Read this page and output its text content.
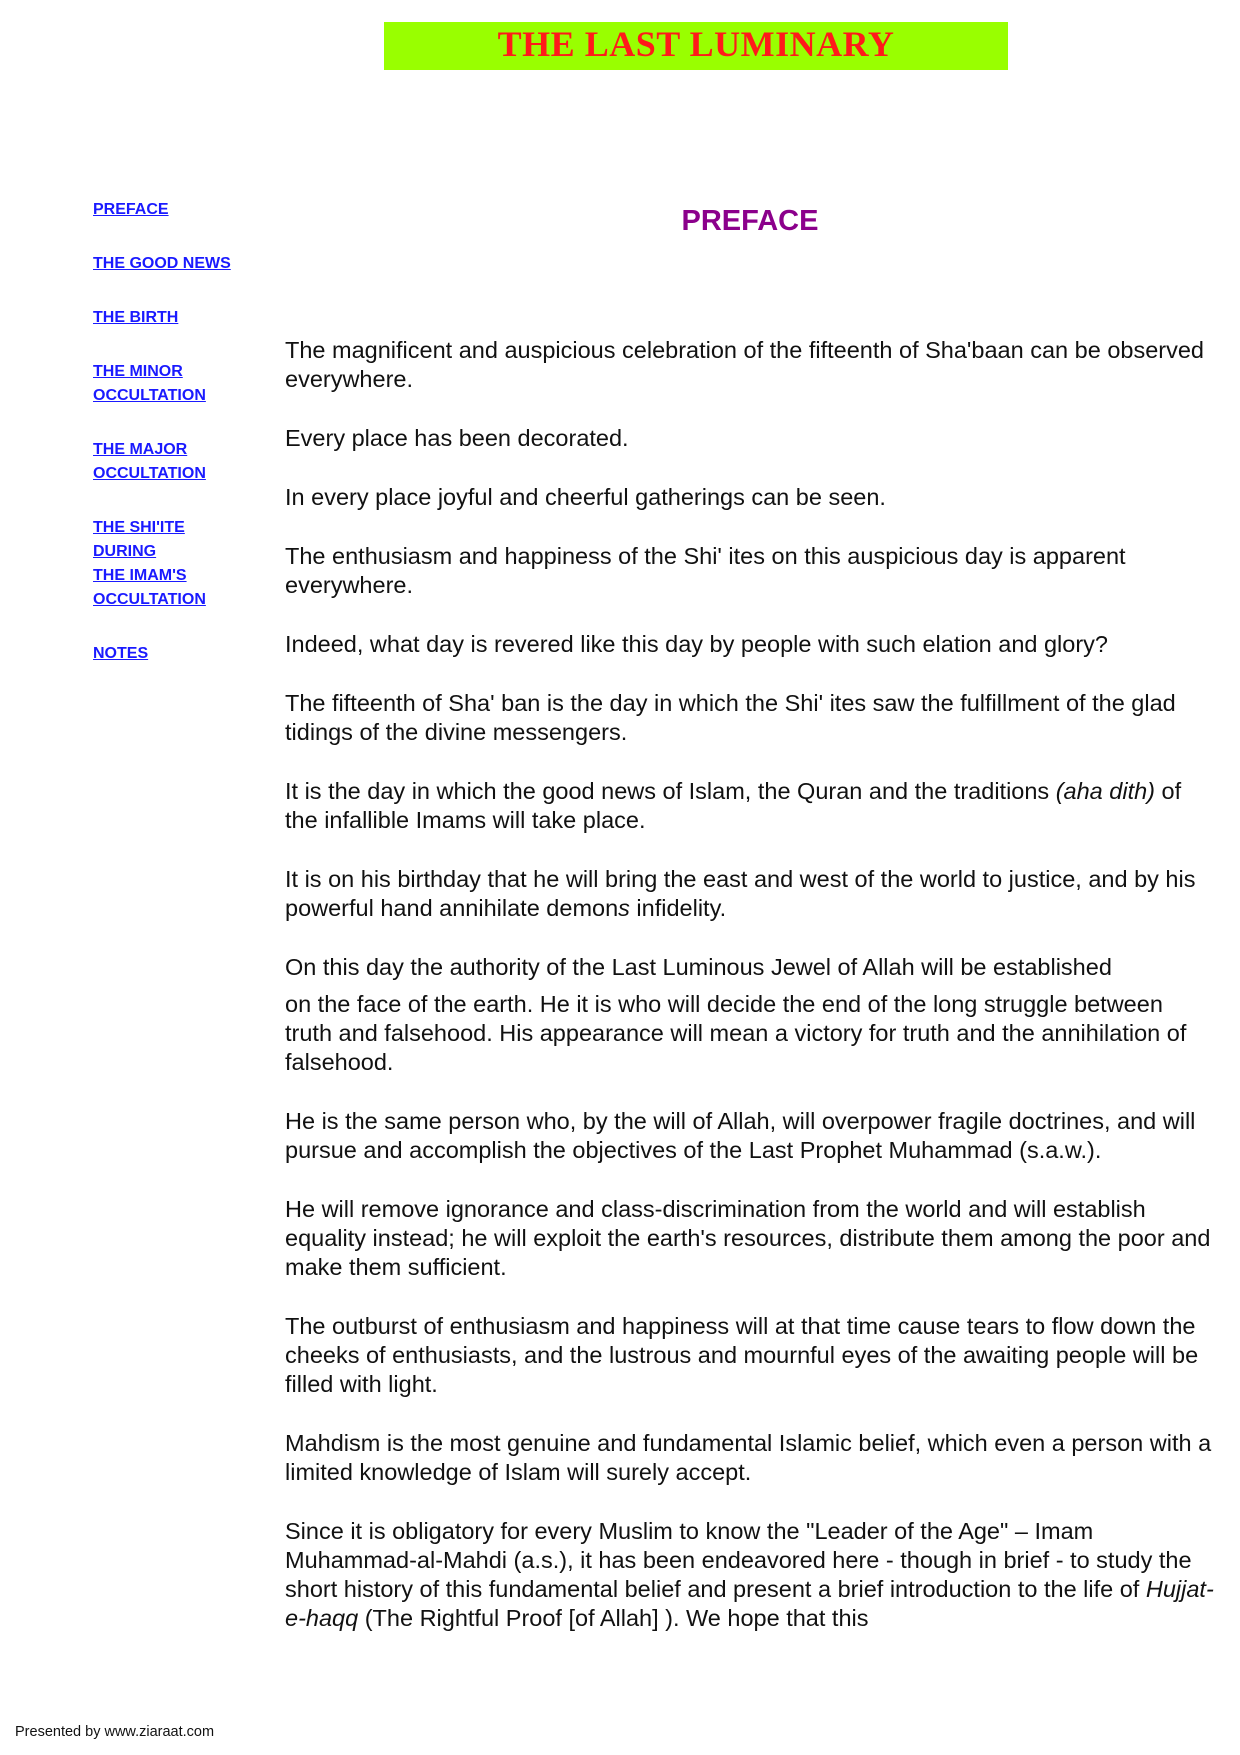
THE LAST LUMINARY
PREFACE
THE GOOD NEWS
THE BIRTH
THE MINOR
OCCULTATION
THE MAJOR
OCCULTATION
THE SHI'ITE
DURING
THE IMAM'S
OCCULTATION
NOTES
PREFACE

The magnificent and auspicious celebration of the fifteenth of Sha'baan can be observed everywhere.

Every place has been decorated.

In every place joyful and cheerful gatherings can be seen.

The enthusiasm and happiness of the Shi' ites on this auspicious day is apparent everywhere.

Indeed, what day is revered like this day by people with such elation and glory?

The fifteenth of Sha' ban is the day in which the Shi' ites saw the fulfillment of the glad tidings of the divine messengers.

It is the day in which the good news of Islam, the Quran and the traditions (aha dith) of the infallible Imams will take place.

It is on his birthday that he will bring the east and west of the world to justice, and by his powerful hand annihilate demons infidelity.

On this day the authority of the Last Luminous Jewel of Allah will be established

on the face of the earth. He it is who will decide the end of the long struggle between truth and falsehood. His appearance will mean a victory for truth and the annihilation of falsehood.

He is the same person who, by the will of Allah, will overpower fragile doctrines, and will pursue and accomplish the objectives of the Last Prophet Muhammad (s.a.w.).

He will remove ignorance and class-discrimination from the world and will establish equality instead; he will exploit the earth's resources, distribute them among the poor and make them sufficient.

The outburst of enthusiasm and happiness will at that time cause tears to flow down the cheeks of enthusiasts, and the lustrous and mournful eyes of the awaiting people will be filled with light.

Mahdism is the most genuine and fundamental Islamic belief, which even a person with a limited knowledge of Islam will surely accept.

Since it is obligatory for every Muslim to know the "Leader of the Age" – Imam Muhammad-al-Mahdi (a.s.), it has been endeavored here - though in brief - to study the short history of this fundamental belief and present a brief introduction to the life of Hujjat-e-haqq (The Rightful Proof [of Allah] ). We hope that this

Presented by www.ziaraat.com
